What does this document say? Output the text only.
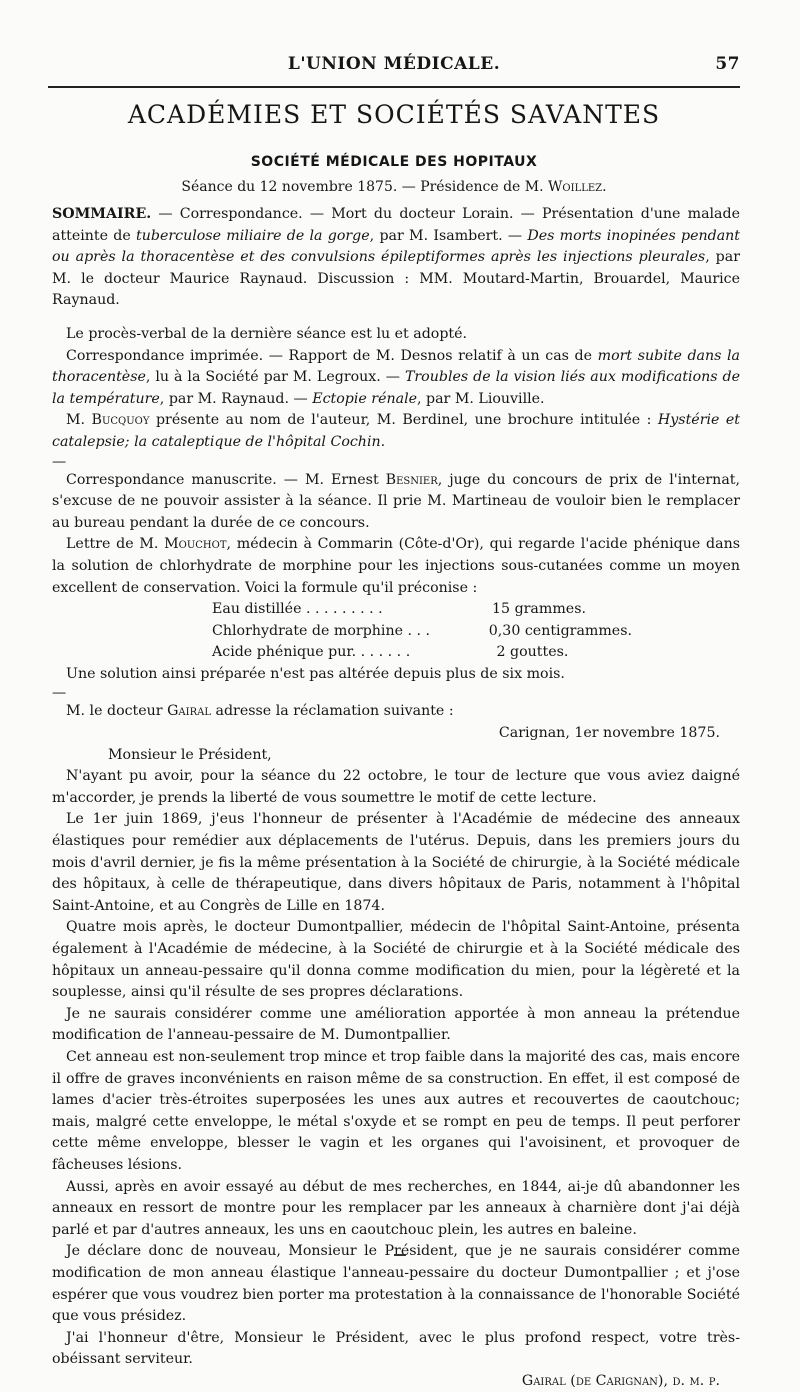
L'UNION MÉDICALE.	57
ACADÉMIES ET SOCIÉTÉS SAVANTES
SOCIÉTÉ MÉDICALE DES HOPITAUX
Séance du 12 novembre 1875. — Présidence de M. Woillez.

SOMMAIRE. — Correspondance. — Mort du docteur Lorain. — Présentation d'une malade atteinte de tuberculose miliaire de la gorge, par M. Isambert. — Des morts inopinées pendant ou après la thoracentèse et des convulsions épileptiformes après les injections pleurales, par M. le docteur Maurice Raynaud. Discussion : MM. Moutard-Martin, Brouardel, Maurice Raynaud.

Le procès-verbal de la dernière séance est lu et adopté.

Correspondance imprimée. — Rapport de M. Desnos relatif à un cas de mort subite dans la thoracentèse, lu à la Société par M. Legroux. — Troubles de la vision liés aux modifications de la température, par M. Raynaud. — Ectopie rénale, par M. Liouville.

M. Bucquoy présente au nom de l'auteur, M. Berdinel, une brochure intitulée : Hystérie et catalepsie; la cataleptique de l'hôpital Cochin.

—

Correspondance manuscrite. — M. Ernest Besnier, juge du concours de prix de l'internat, s'excuse de ne pouvoir assister à la séance. Il prie M. Martineau de vouloir bien le remplacer au bureau pendant la durée de ce concours.

Lettre de M. Mouchot, médecin à Commarin (Côte-d'Or), qui regarde l'acide phénique dans la solution de chlorhydrate de morphine pour les injections sous-cutanées comme un moyen excellent de conservation. Voici la formule qu'il préconise :

Eau distillée . . . . . . . . .	15 grammes.
Chlorhydrate de morphine . . .	0,30 centigrammes.
Acide phénique pur. . . . . . .	2 gouttes.

Une solution ainsi préparée n'est pas altérée depuis plus de six mois.

—

M. le docteur Gairal adresse la réclamation suivante :

Carignan, 1er novembre 1875.

Monsieur le Président,

N'ayant pu avoir, pour la séance du 22 octobre, le tour de lecture que vous aviez daigné m'accorder, je prends la liberté de vous soumettre le motif de cette lecture.

Le 1er juin 1869, j'eus l'honneur de présenter à l'Académie de médecine des anneaux élastiques pour remédier aux déplacements de l'utérus. Depuis, dans les premiers jours du mois d'avril dernier, je fis la même présentation à la Société de chirurgie, à la Société médicale des hôpitaux, à celle de thérapeutique, dans divers hôpitaux de Paris, notamment à l'hôpital Saint-Antoine, et au Congrès de Lille en 1874.

Quatre mois après, le docteur Dumontpallier, médecin de l'hôpital Saint-Antoine, présenta également à l'Académie de médecine, à la Société de chirurgie et à la Société médicale des hôpitaux un anneau-pessaire qu'il donna comme modification du mien, pour la légèreté et la souplesse, ainsi qu'il résulte de ses propres déclarations.

Je ne saurais considérer comme une amélioration apportée à mon anneau la prétendue modification de l'anneau-pessaire de M. Dumontpallier.

Cet anneau est non-seulement trop mince et trop faible dans la majorité des cas, mais encore il offre de graves inconvénients en raison même de sa construction. En effet, il est composé de lames d'acier très-étroites superposées les unes aux autres et recouvertes de caoutchouc; mais, malgré cette enveloppe, le métal s'oxyde et se rompt en peu de temps. Il peut perforer cette même enveloppe, blesser le vagin et les organes qui l'avoisinent, et provoquer de fâcheuses lésions.

Aussi, après en avoir essayé au début de mes recherches, en 1844, ai-je dû abandonner les anneaux en ressort de montre pour les remplacer par les anneaux à charnière dont j'ai déjà parlé et par d'autres anneaux, les uns en caoutchouc plein, les autres en baleine.

Je déclare donc de nouveau, Monsieur le Président, que je ne saurais considérer comme modification de mon anneau élastique l'anneau-pessaire du docteur Dumontpallier ; et j'ose espérer que vous voudrez bien porter ma protestation à la connaissance de l'honorable Société que vous présidez.

J'ai l'honneur d'être, Monsieur le Président, avec le plus profond respect, votre très-obéissant serviteur.

Gairal (de Carignan), d. m. p.
